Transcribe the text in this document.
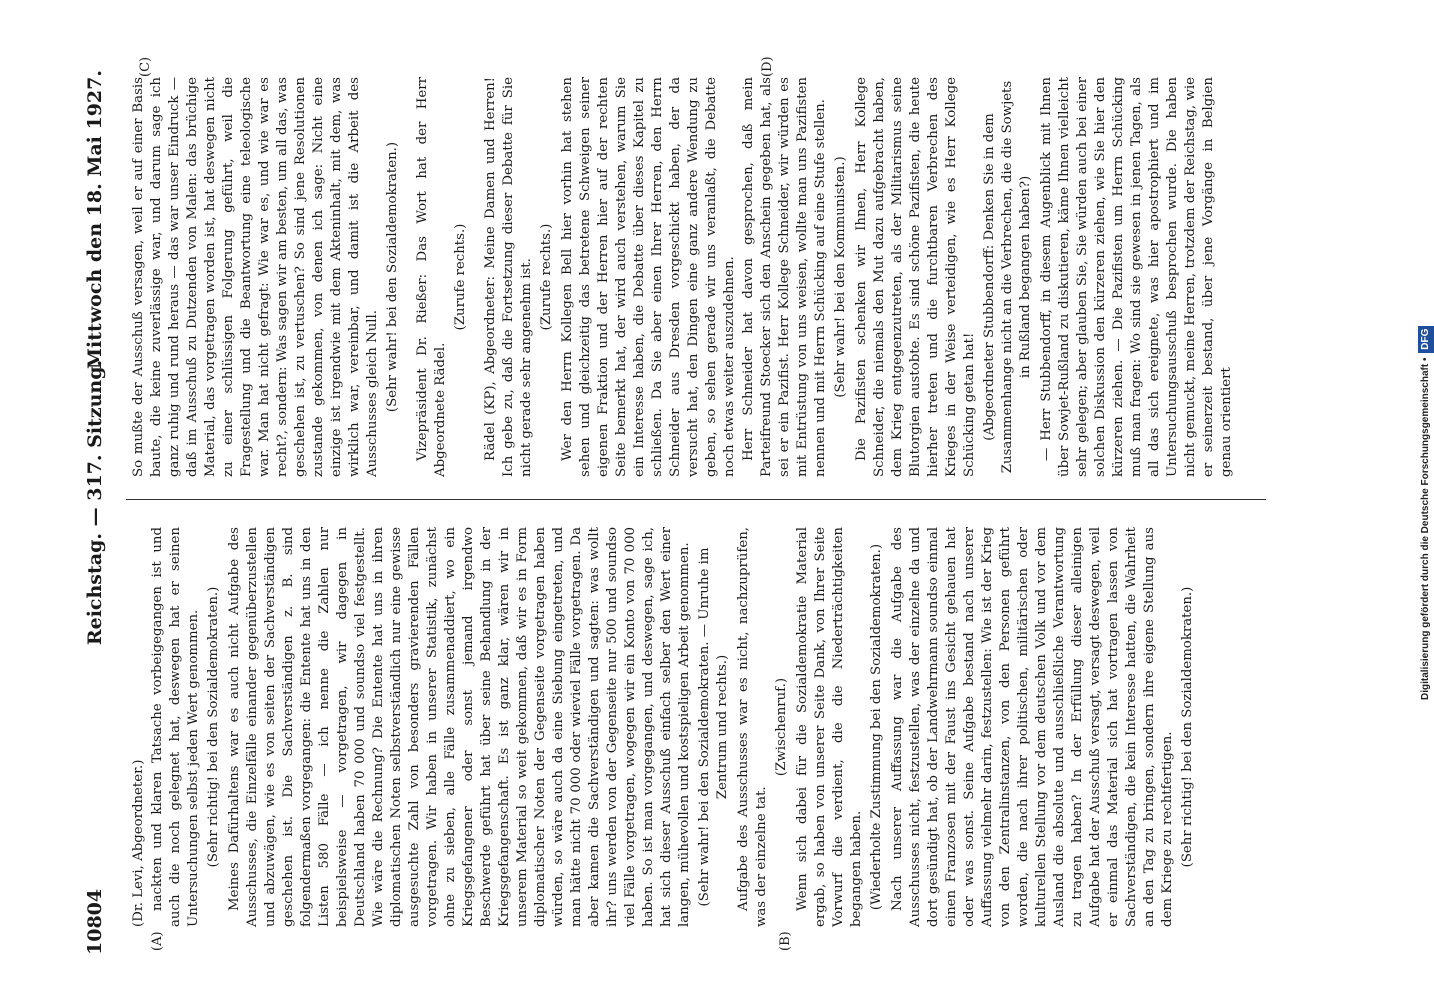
10804
Reichstag. — 317. Sitzung.
Mittwoch den 18. Mai 1927.
(A)	(B)
(C)	(D)

(Dr. Levi, Abgeordneter.) nackten und klaren Tatsache vorbeigegangen ist und auch die noch gelegnet hat, deswegen hat er seinen Untersuchungen selbst jeden Wert genommen. (Sehr richtig! bei den Sozialdemokraten.) Meines Dafürhaltens war es auch nicht Aufgabe des Ausschusses, die Einzelfälle einander gegenüberzustellen und abzuwägen, wie es von seiten der Sachverständigen geschehen ist. Die Sachverständigen z. B. sind folgendermaßen vorgegangen: die Entente hat uns in den Listen 580 Fälle — ich nenne die Zahlen nur beispielsweise — vorgetragen, wir dagegen in Deutschland haben 70 000 und soundso viel festgestellt. Wie wäre die Rechnung? Die Entente hat uns in ihren diplomatischen Noten selbstverständlich nur eine gewisse ausgesuchte Zahl von besonders gravierenden Fällen vorgetragen. Wir haben in unserer Statistik, zunächst ohne zu sieben, alle Fälle zusammenaddiert, wo ein Kriegsgefangener oder sonst jemand irgendwo Beschwerde geführt hat über seine Behandlung in der Kriegsgefangenschaft. Es ist ganz klar, wären wir in unserem Material so weit gekommen, daß wir es in Form diplomatischer Noten der Gegenseite vorgetragen haben würden, so wäre auch da eine Siebung eingetreten, und man hätte nicht 70 000 oder wieviel Fälle vorgetragen. Da aber kamen die Sachverständigen und sagten: was wollt ihr? uns werden von der Gegenseite nur 500 und soundso viel Fälle vorgetragen, wogegen wir ein Konto von 70 000 haben. So ist man vorgegangen, und deswegen, sage ich, hat sich dieser Ausschuß einfach selber den Wert einer langen, mühevollen und kostspieligen Arbeit genommen. (Sehr wahr! bei den Sozialdemokraten. — Unruhe im Zentrum und rechts.) Aufgabe des Ausschusses war es nicht, nachzuprüfen, was der einzelne tat.

(Zwischenruf.) Wenn sich dabei für die Sozialdemokratie Material ergab, so haben von unserer Seite Dank, von Ihrer Seite Vorwurf die verdient, die die Niederträchtigkeiten begangen haben. (Wiederholte Zustimmung bei den Sozialdemokraten.) Nach unserer Auffassung war die Aufgabe des Ausschusses nicht, festzustellen, was der einzelne da und dort gesündigt hat, ob der Landwehrmann soundso einmal einen Franzosen mit der Faust ins Gesicht gehauen hat oder was sonst. Seine Aufgabe bestand nach unserer Auffassung vielmehr darin, festzustellen: Wie ist der Krieg von den Zentralinstanzen, von den Personen geführt worden, die nach ihrer politischen, militärischen oder kulturellen Stellung vor dem deutschen Volk und vor dem Ausland die absolute und ausschließliche Verantwortung zu tragen haben? In der Erfüllung dieser alleinigen Aufgabe hat der Ausschuß versagt, versagt deswegen, weil er einmal das Material sich hat vortragen lassen von Sachverständigen, die kein Interesse hatten, die Wahrheit an den Tag zu bringen, sondern ihre eigene Stellung aus dem Kriege zu rechtfertigen. (Sehr richtig! bei den Sozialdemokraten.)

So mußte der Ausschuß versagen, weil er auf einer Basis baute, die keine zuverlässige war, und darum sage ich ganz ruhig und rund heraus — das war unser Eindruck — daß im Ausschuß zu Dutzenden von Malen: das brüchige Material, das vorgetragen worden ist, hat deswegen nicht zu einer schlüssigen Folgerung geführt, weil die Fragestellung und die Beantwortung eine teleologische war. Man hat nicht gefragt: Wie war es, und wie war es recht?, sondern: Was sagen wir am besten, um all das, was geschehen ist, zu vertuschen? So sind jene Resolutionen zustande gekommen, von denen ich sage: Nicht eine einzige ist irgendwie mit dem Akteninhalt, mit dem, was wirklich war, vereinbar, und damit ist die Arbeit des Ausschusses gleich Null. (Sehr wahr! bei den Sozialdemokraten.) Vizepräsident Dr. Rießer: Das Wort hat der Herr Abgeordnete Rädel.

(Zurufe rechts.) Rädel (KP), Abgeordneter: Meine Damen und Herren! Ich gebe zu, daß die Fortsetzung dieser Debatte für Sie nicht gerade sehr angenehm ist. (Zurufe rechts.) Wer den Herrn Kollegen Bell hier vorhin hat stehen sehen und gleichzeitig das betretene Schweigen seiner eigenen Fraktion und der Herren hier auf der rechten Seite bemerkt hat, der wird auch verstehen, warum Sie ein Interesse haben, die Debatte über dieses Kapitel zu schließen. Da Sie aber einen Ihrer Herren, den Herrn Schneider aus Dresden vorgeschickt haben, der da versucht hat, den Dingen eine ganz andere Wendung zu geben, so sehen gerade wir uns veranlaßt, die Debatte noch etwas weiter auszudehnen. Herr Schneider hat davon gesprochen, daß mein Parteifreund Stoecker sich den Anschein gegeben hat, als sei er ein Pazifist. Herr Kollege Schneider, wir würden es mit Entrüstung von uns weisen, wollte man uns Pazifisten nennen und mit Herrn Schücking auf eine Stufe stellen. (Sehr wahr! bei den Kommunisten.) Die Pazifisten schenken wir Ihnen, Herr Kollege Schneider, die niemals den Mut dazu aufgebracht haben, dem Krieg entgegenzutreten, als der Militarismus seine Blutorgien austobte. Es sind schöne Pazifisten, die heute hierher treten und die furchtbaren Verbrechen des Krieges in der Weise verteidigen, wie es Herr Kollege Schücking getan hat! (Abgeordneter Stubbendorff: Denken Sie in dem Zusammenhange nicht an die Verbrechen, die die Sowjets in Rußland begangen haben?) — Herr Stubbendorff, in diesem Augenblick mit Ihnen über Sowjet-Rußland zu diskutieren, käme Ihnen vielleicht sehr gelegen; aber glauben Sie, Sie würden auch bei einer solchen Diskussion den kürzeren ziehen, wie Sie hier den kürzeren ziehen. — Die Pazifisten um Herrn Schücking muß man fragen: Wo sind sie gewesen in jenen Tagen, als all das sich ereignete, was hier apostrophiert und im Untersuchungsausschuß besprochen wurde. Die haben nicht gemuckt, meine Herren, trotzdem der Reichstag, wie er seinerzeit bestand, über jene Vorgänge in Belgien genau orientiert	Digitalisierung gefördert durch die Deutsche Forschungsgemeinschaft • DFG
